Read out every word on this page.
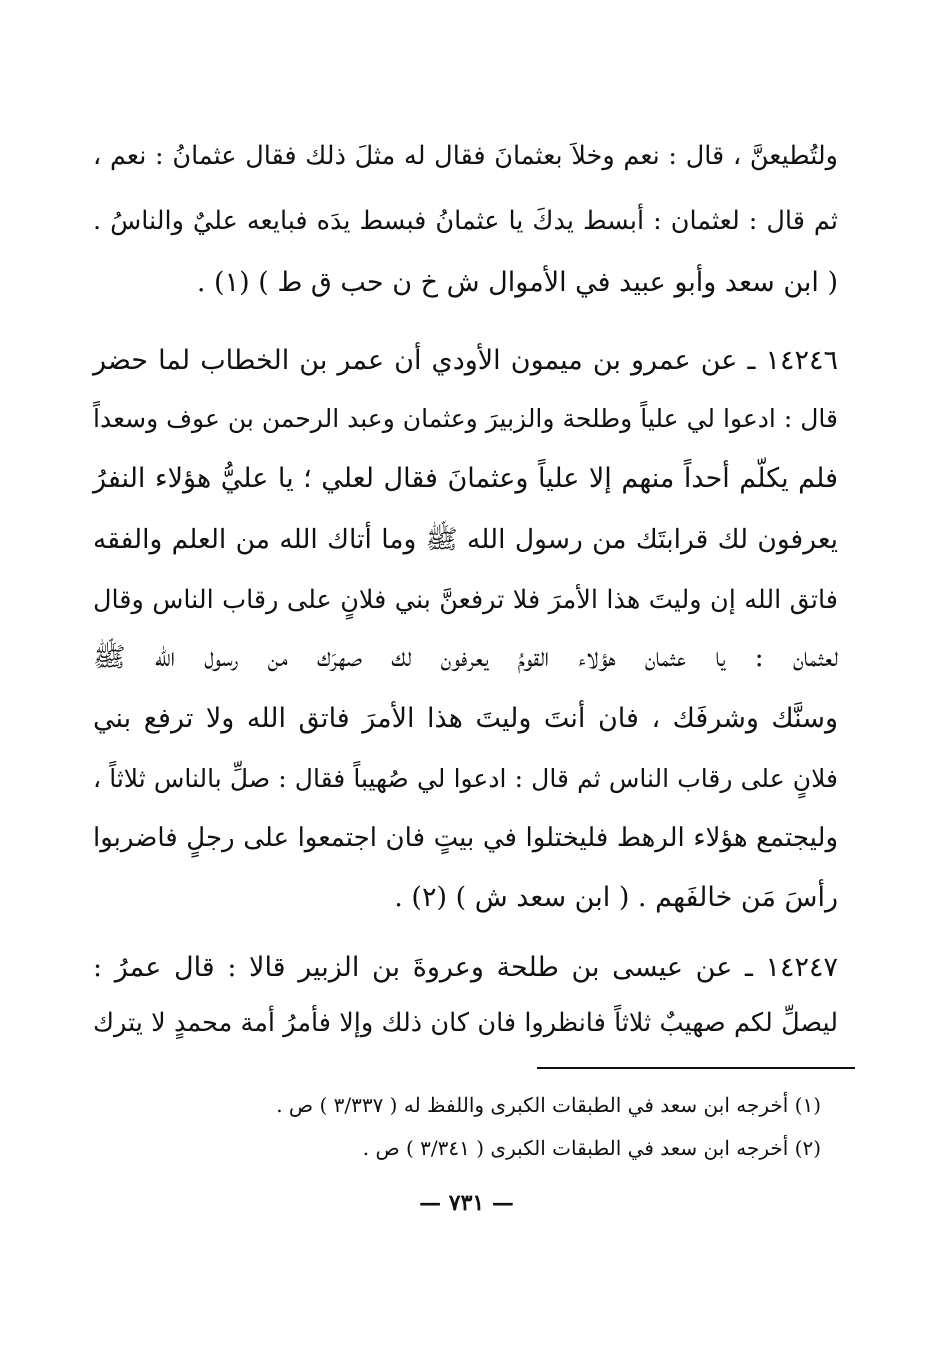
ولتُطيعنَّ ، قال : نعم وخلاَ بعثمانَ فقال له مثلَ ذلك فقال عثمانُ : نعم ،
ثم قال : لعثمان : أبسط يدكَ يا عثمانُ فبسط يدَه فبايعه عليٌ والناسُ .
( ابن سعد وأبو عبيد في الأموال ش خ ن حب ق ط ) (١) .
١٤٢٤٦ ـ عن عمرو بن ميمون الأودي أن عمر بن الخطاب لما حضر
قال : ادعوا لي علياً وطلحة والزبيرَ وعثمان وعبد الرحمن بن عوف وسعداً
فلم يكلّم أحداً منهم إلا علياً وعثمانَ فقال لعلي ؛ يا عليُّ هؤلاء النفرُ
يعرفون لك قرابتَك من رسول الله ﷺ وما أتاك الله من العلم والفقه
فاتق الله إن وليتَ هذا الأمرَ فلا ترفعنَّ بني فلانٍ على رقاب الناس وقال
لعثمان : يا عثمان هؤلاء القومُ يعرفون لك صهرَك من رسول الله ﷺ
وسنَّك وشرفَك ، فان أنتَ وليتَ هذا الأمرَ فاتق الله ولا ترفع بني
فلانٍ على رقاب الناس ثم قال : ادعوا لي صُهيباً فقال : صلِّ بالناس ثلاثاً ،
وليجتمع هؤلاء الرهط فليختلوا في بيتٍ فان اجتمعوا على رجلٍ فاضربوا
رأسَ مَن خالفَهم . ( ابن سعد ش ) (٢) .
١٤٢٤٧ ـ عن عيسى بن طلحة وعروةَ بن الزبير قالا : قال عمرُ :
ليصلِّ لكم صهيبٌ ثلاثاً فانظروا فان كان ذلك وإلا فأمرُ أمة محمدٍ لا يترك
(١) أخرجه ابن سعد في الطبقات الكبرى واللفظ له ( ٣/٣٣٧ ) ص .
(٢) أخرجه ابن سعد في الطبقات الكبرى ( ٣/٣٤١ ) ص .
— ٧٣١ —
